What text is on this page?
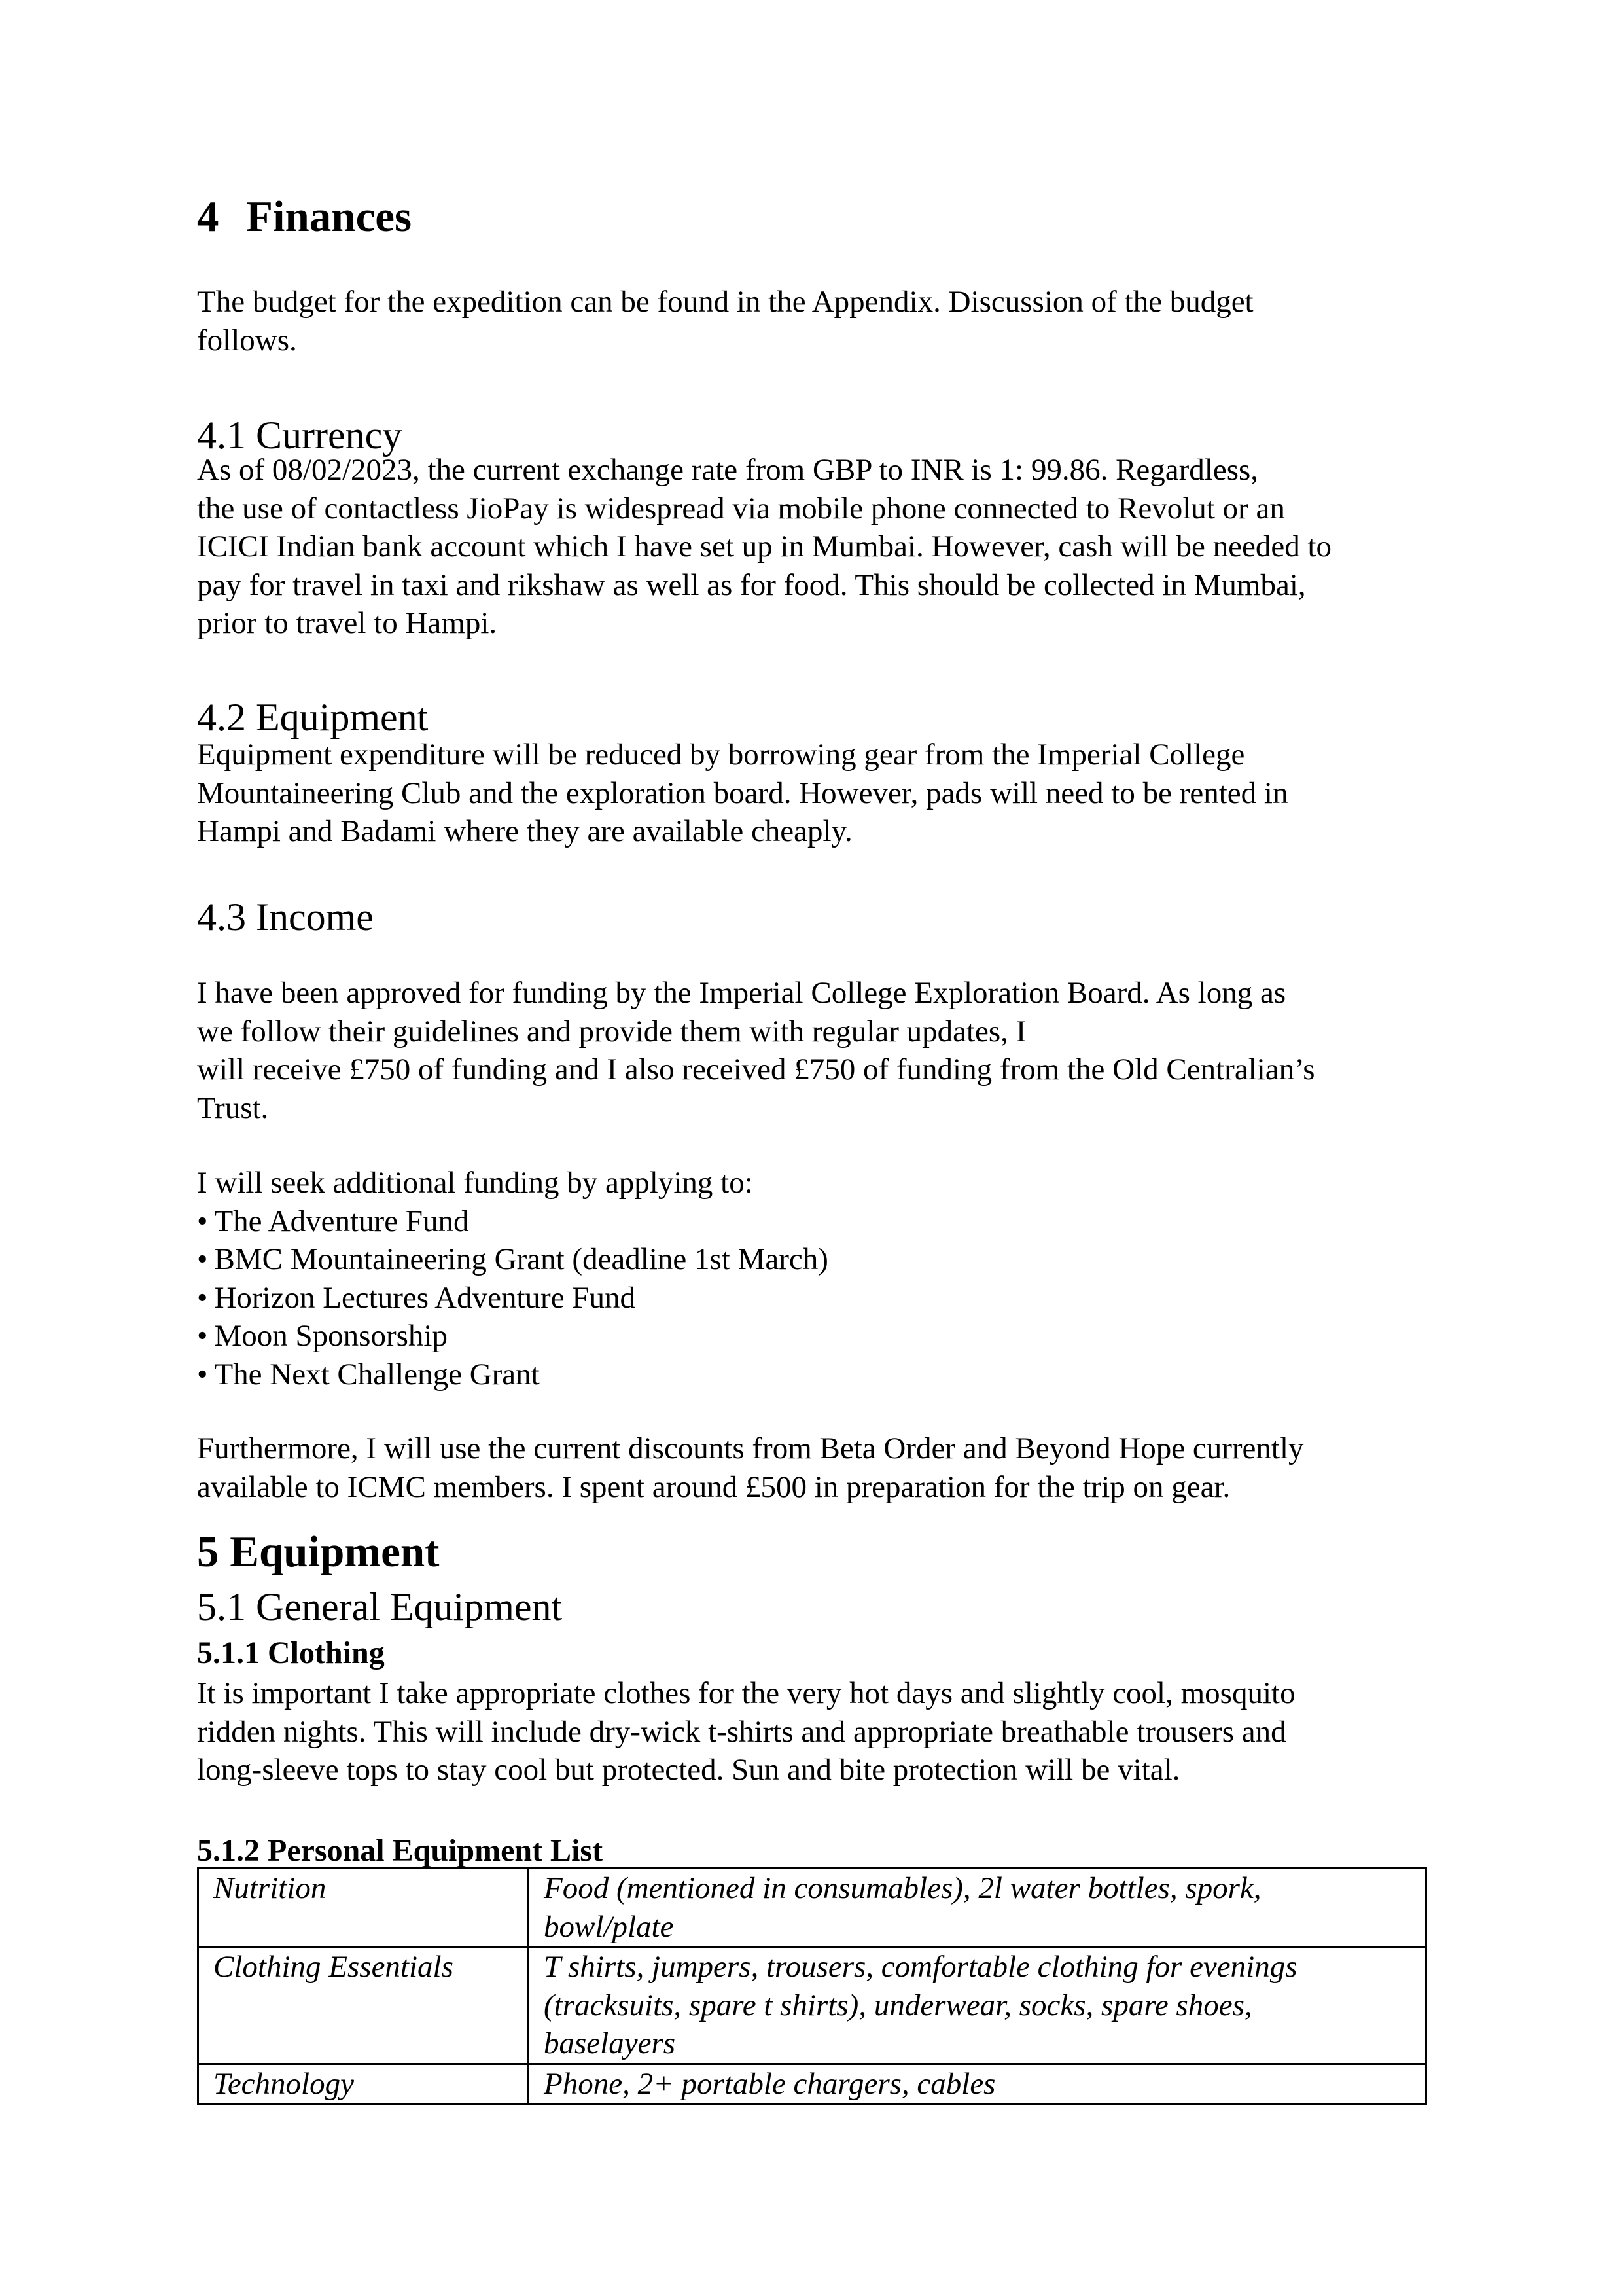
4 Finances
The budget for the expedition can be found in the Appendix. Discussion of the budget
follows.
4.1 Currency
As of 08/02/2023, the current exchange rate from GBP to INR is 1: 99.86. Regardless,
the use of contactless JioPay is widespread via mobile phone connected to Revolut or an
ICICI Indian bank account which I have set up in Mumbai. However, cash will be needed to
pay for travel in taxi and rikshaw as well as for food. This should be collected in Mumbai,
prior to travel to Hampi.
4.2 Equipment
Equipment expenditure will be reduced by borrowing gear from the Imperial College
Mountaineering Club and the exploration board. However, pads will need to be rented in
Hampi and Badami where they are available cheaply.
4.3 Income
I have been approved for funding by the Imperial College Exploration Board. As long as
we follow their guidelines and provide them with regular updates, I
will receive £750 of funding and I also received £750 of funding from the Old Centralian’s
Trust.
I will seek additional funding by applying to:
• The Adventure Fund
• BMC Mountaineering Grant (deadline 1st March)
• Horizon Lectures Adventure Fund
• Moon Sponsorship
• The Next Challenge Grant
Furthermore, I will use the current discounts from Beta Order and Beyond Hope currently
available to ICMC members. I spent around £500 in preparation for the trip on gear.
5 Equipment
5.1 General Equipment
5.1.1 Clothing
It is important I take appropriate clothes for the very hot days and slightly cool, mosquito
ridden nights. This will include dry-wick t-shirts and appropriate breathable trousers and
long-sleeve tops to stay cool but protected. Sun and bite protection will be vital.
5.1.2 Personal Equipment List
Nutrition	Food (mentioned in consumables), 2l water bottles, spork,
bowl/plate

Clothing Essentials	T shirts, jumpers, trousers, comfortable clothing for evenings
(tracksuits, spare t shirts), underwear, socks, spare shoes,
baselayers

Technology	Phone, 2+ portable chargers, cables
